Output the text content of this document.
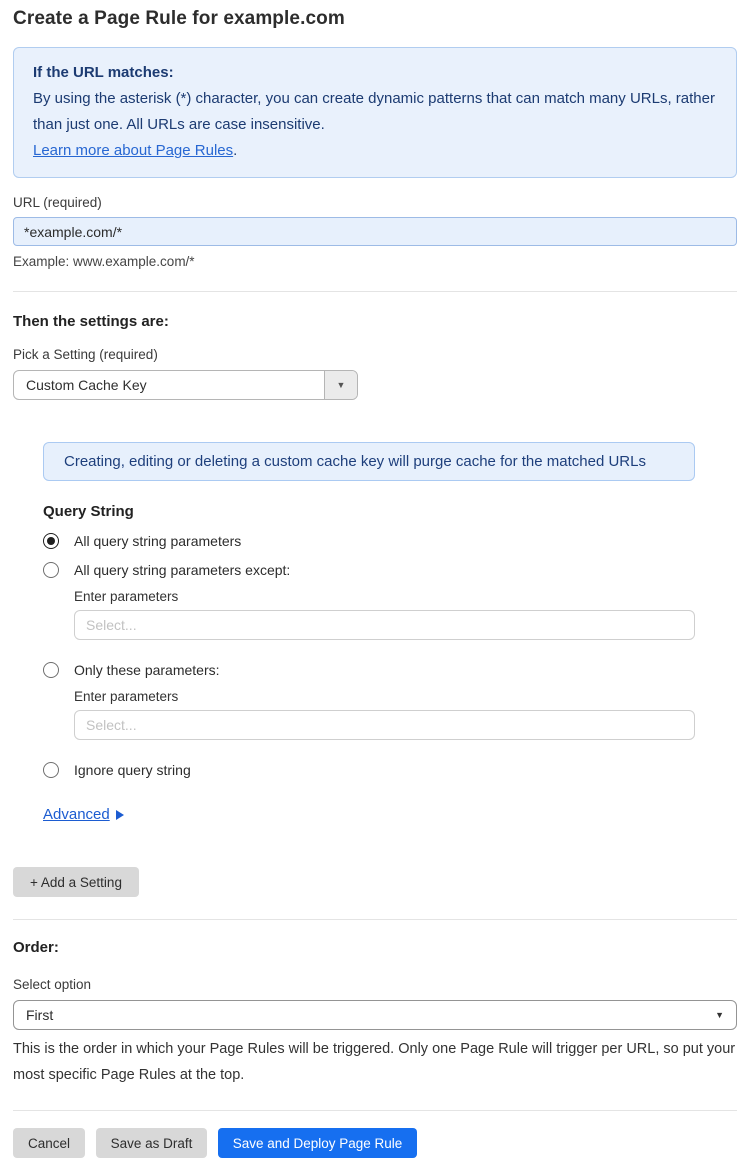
Create a Page Rule for example.com
If the URL matches:
By using the asterisk (*) character, you can create dynamic patterns that can match many URLs, rather than just one. All URLs are case insensitive.
Learn more about Page Rules.
URL (required)
*example.com/*
Example: www.example.com/*
Then the settings are:
Pick a Setting (required)
Custom Cache Key	▼
Creating, editing or deleting a custom cache key will purge cache for the matched URLs
Query String
All query string parameters
All query string parameters except:
Enter parameters
Select...
Only these parameters:
Enter parameters
Select...
Ignore query string
Advanced
+ Add a Setting
Order:
Select option
First	▼
This is the order in which your Page Rules will be triggered. Only one Page Rule will trigger per URL, so put your most specific Page Rules at the top.
Cancel	Save as Draft	Save and Deploy Page Rule
